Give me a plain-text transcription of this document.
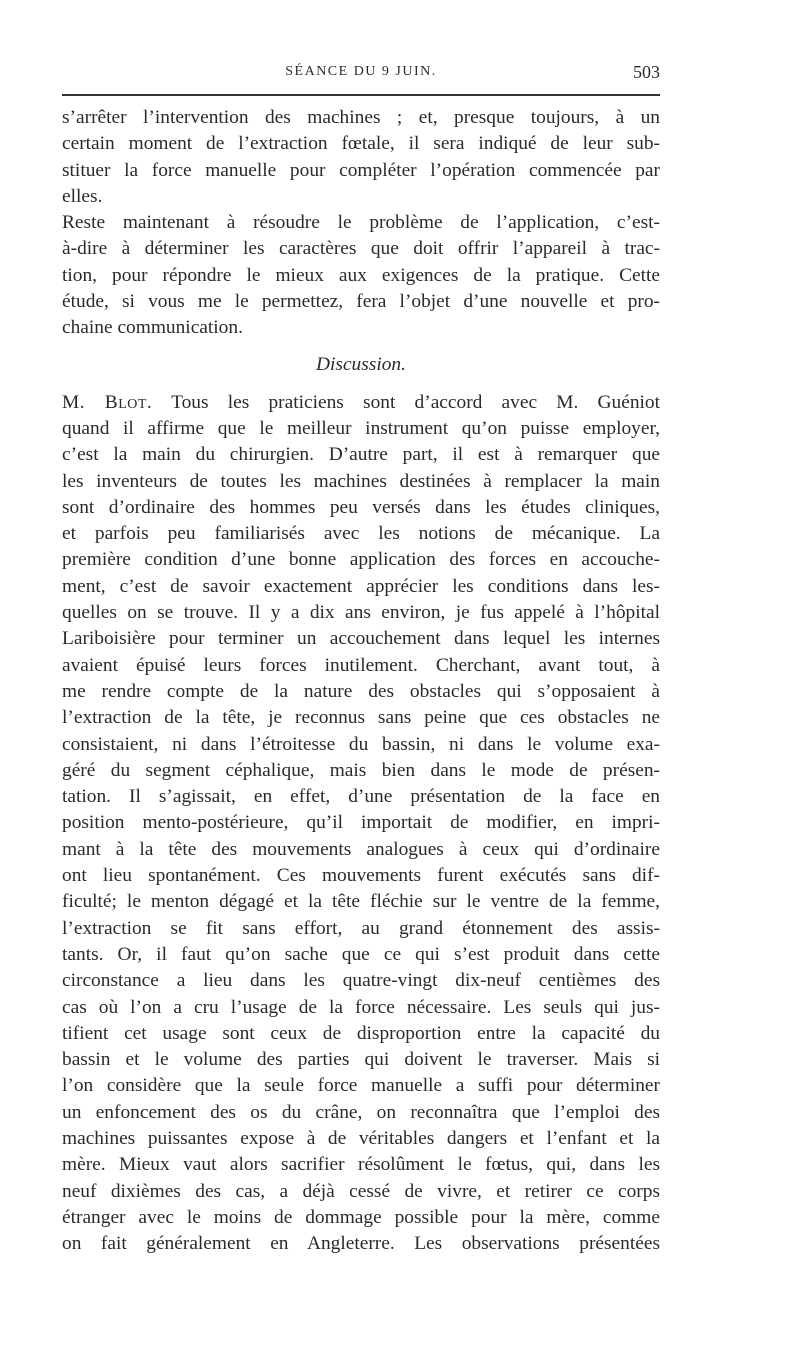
SÉANCE DU 9 JUIN.	503
s’arrêter l’intervention des machines ; et, presque toujours, à un
certain moment de l’extraction fœtale, il sera indiqué de leur sub-
stituer la force manuelle pour compléter l’opération commencée par
elles.
Reste maintenant à résoudre le problème de l’application, c’est-
à-dire à déterminer les caractères que doit offrir l’appareil à trac-
tion, pour répondre le mieux aux exigences de la pratique. Cette
étude, si vous me le permettez, fera l’objet d’une nouvelle et pro-
chaine communication.
Discussion.
M. Blot. Tous les praticiens sont d’accord avec M. Guéniot
quand il affirme que le meilleur instrument qu’on puisse employer,
c’est la main du chirurgien. D’autre part, il est à remarquer que
les inventeurs de toutes les machines destinées à remplacer la main
sont d’ordinaire des hommes peu versés dans les études cliniques,
et parfois peu familiarisés avec les notions de mécanique. La
première condition d’une bonne application des forces en accouche-
ment, c’est de savoir exactement apprécier les conditions dans les-
quelles on se trouve. Il y a dix ans environ, je fus appelé à l’hôpital
Lariboisière pour terminer un accouchement dans lequel les internes
avaient épuisé leurs forces inutilement. Cherchant, avant tout, à
me rendre compte de la nature des obstacles qui s’opposaient à
l’extraction de la tête, je reconnus sans peine que ces obstacles ne
consistaient, ni dans l’étroitesse du bassin, ni dans le volume exa-
géré du segment céphalique, mais bien dans le mode de présen-
tation. Il s’agissait, en effet, d’une présentation de la face en
position mento-postérieure, qu’il importait de modifier, en impri-
mant à la tête des mouvements analogues à ceux qui d’ordinaire
ont lieu spontanément. Ces mouvements furent exécutés sans dif-
ficulté; le menton dégagé et la tête fléchie sur le ventre de la femme,
l’extraction se fit sans effort, au grand étonnement des assis-
tants. Or, il faut qu’on sache que ce qui s’est produit dans cette
circonstance a lieu dans les quatre-vingt dix-neuf centièmes des
cas où l’on a cru l’usage de la force nécessaire. Les seuls qui jus-
tifient cet usage sont ceux de disproportion entre la capacité du
bassin et le volume des parties qui doivent le traverser. Mais si
l’on considère que la seule force manuelle a suffi pour déterminer
un enfoncement des os du crâne, on reconnaîtra que l’emploi des
machines puissantes expose à de véritables dangers et l’enfant et la
mère. Mieux vaut alors sacrifier résolûment le fœtus, qui, dans les
neuf dixièmes des cas, a déjà cessé de vivre, et retirer ce corps
étranger avec le moins de dommage possible pour la mère, comme
on fait généralement en Angleterre. Les observations présentées
